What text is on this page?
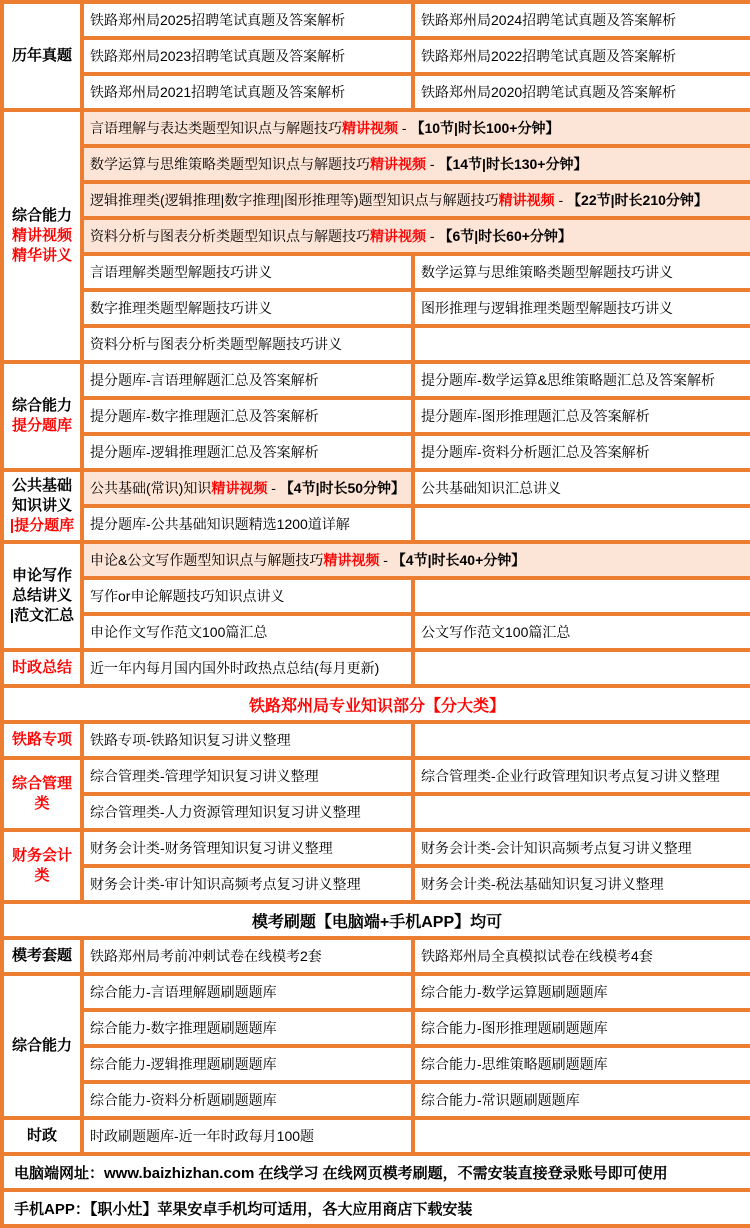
历年真题	铁路郑州局2025招聘笔试真题及答案解析	铁路郑州局2024招聘笔试真题及答案解析
	铁路郑州局2023招聘笔试真题及答案解析	铁路郑州局2022招聘笔试真题及答案解析
	铁路郑州局2021招聘笔试真题及答案解析	铁路郑州局2020招聘笔试真题及答案解析

综合能力
精讲视频
精华讲义	言语理解与表达类题型知识点与解题技巧精讲视频 - 【10节|时长100+分钟】	
	数学运算与思维策略类题型知识点与解题技巧精讲视频 - 【14节|时长130+分钟】	
	逻辑推理类(逻辑推理|数字推理|图形推理等)题型知识点与解题技巧精讲视频 - 【22节|时长210分钟】	
	资料分析与图表分析类题型知识点与解题技巧精讲视频 - 【6节|时长60+分钟】	
	言语理解类题型解题技巧讲义	数学运算与思维策略类题型解题技巧讲义
	数字推理类题型解题技巧讲义	图形推理与逻辑推理类题型解题技巧讲义
	资料分析与图表分析类题型解题技巧讲义	

综合能力
提分题库	提分题库-言语理解题汇总及答案解析	提分题库-数学运算&思维策略题汇总及答案解析
	提分题库-数字推理题汇总及答案解析	提分题库-图形推理题汇总及答案解析
	提分题库-逻辑推理题汇总及答案解析	提分题库-资料分析题汇总及答案解析

公共基础
知识讲义
|提分题库	公共基础(常识)知识精讲视频 - 【4节|时长50分钟】	公共基础知识汇总讲义
	提分题库-公共基础知识题精选1200道详解	

申论写作
总结讲义
|范文汇总	申论&公文写作题型知识点与解题技巧精讲视频 - 【4节|时长40+分钟】	
	写作or申论解题技巧知识点讲义	
	申论作文写作范文100篇汇总	公文写作范文100篇汇总

时政总结	近一年内每月国内国外时政热点总结(每月更新)	
铁路郑州局专业知识部分【分大类】		

铁路专项	铁路专项-铁路知识复习讲义整理	

综合管理
类	综合管理类-管理学知识复习讲义整理	综合管理类-企业行政管理知识考点复习讲义整理
	综合管理类-人力资源管理知识复习讲义整理	

财务会计
类	财务会计类-财务管理知识复习讲义整理	财务会计类-会计知识高频考点复习讲义整理
	财务会计类-审计知识高频考点复习讲义整理	财务会计类-税法基础知识复习讲义整理
模考刷题【电脑端+手机APP】均可		

模考套题	铁路郑州局考前冲刺试卷在线模考2套	铁路郑州局全真模拟试卷在线模考4套

综合能力	综合能力-言语理解题刷题题库	综合能力-数学运算题刷题题库
	综合能力-数字推理题刷题题库	综合能力-图形推理题刷题题库
	综合能力-逻辑推理题刷题题库	综合能力-思维策略题刷题题库
	综合能力-资料分析题刷题题库	综合能力-常识题刷题题库

时政	时政刷题题库-近一年时政每月100题	
电脑端网址：www.baizhizhan.com 在线学习 在线网页模考刷题，不需安装直接登录账号即可使用		
手机APP：【职小灶】苹果安卓手机均可适用，各大应用商店下载安装		
